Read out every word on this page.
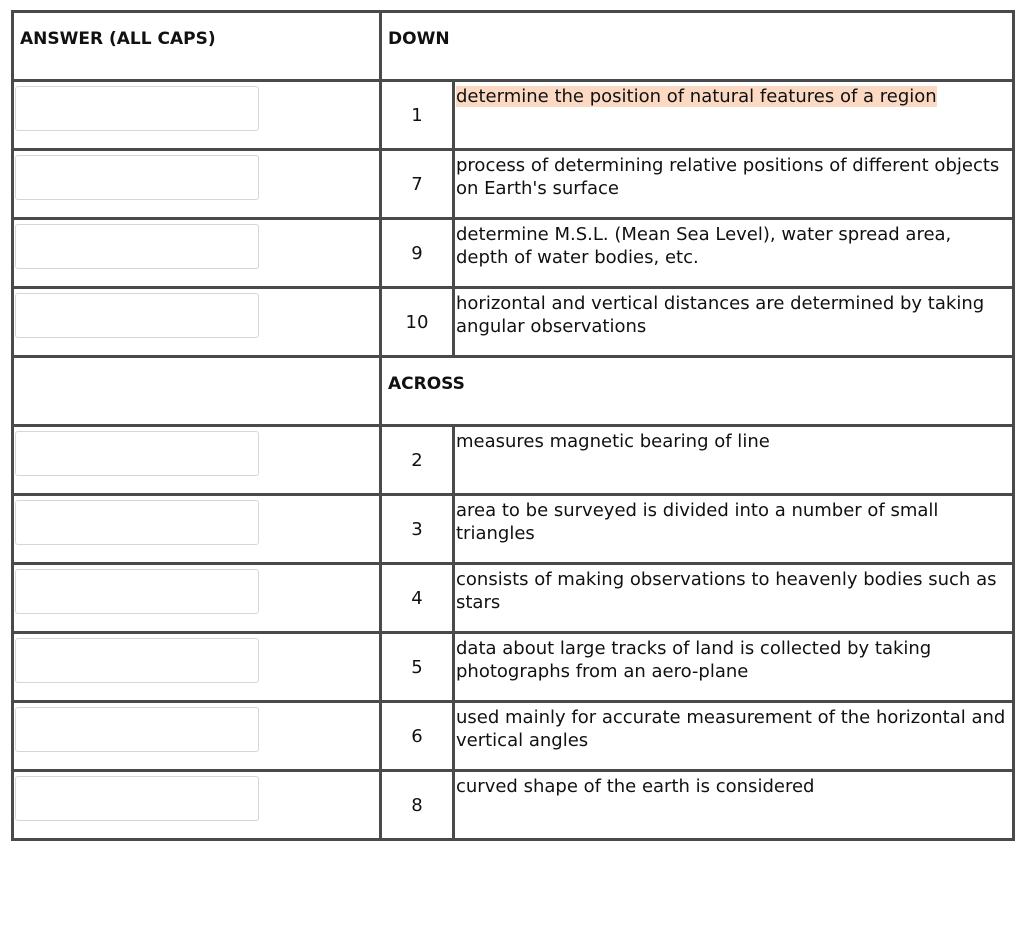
ANSWER (ALL CAPS)	DOWN	

	1	determine the position of natural features of a region

	7	process of determining relative positions of different objects on Earth's surface

	9	determine M.S.L. (Mean Sea Level), water spread area, depth of water bodies, etc.

	10	horizontal and vertical distances are determined by taking angular observations
	ACROSS	

	2	measures magnetic bearing of line

	3	area to be surveyed is divided into a number of small triangles

	4	consists of making observations to heavenly bodies such as stars

	5	data about large tracks of land is collected by taking photographs from an aero-plane

	6	used mainly for accurate measurement of the horizontal and vertical angles

	8	curved shape of the earth is considered
